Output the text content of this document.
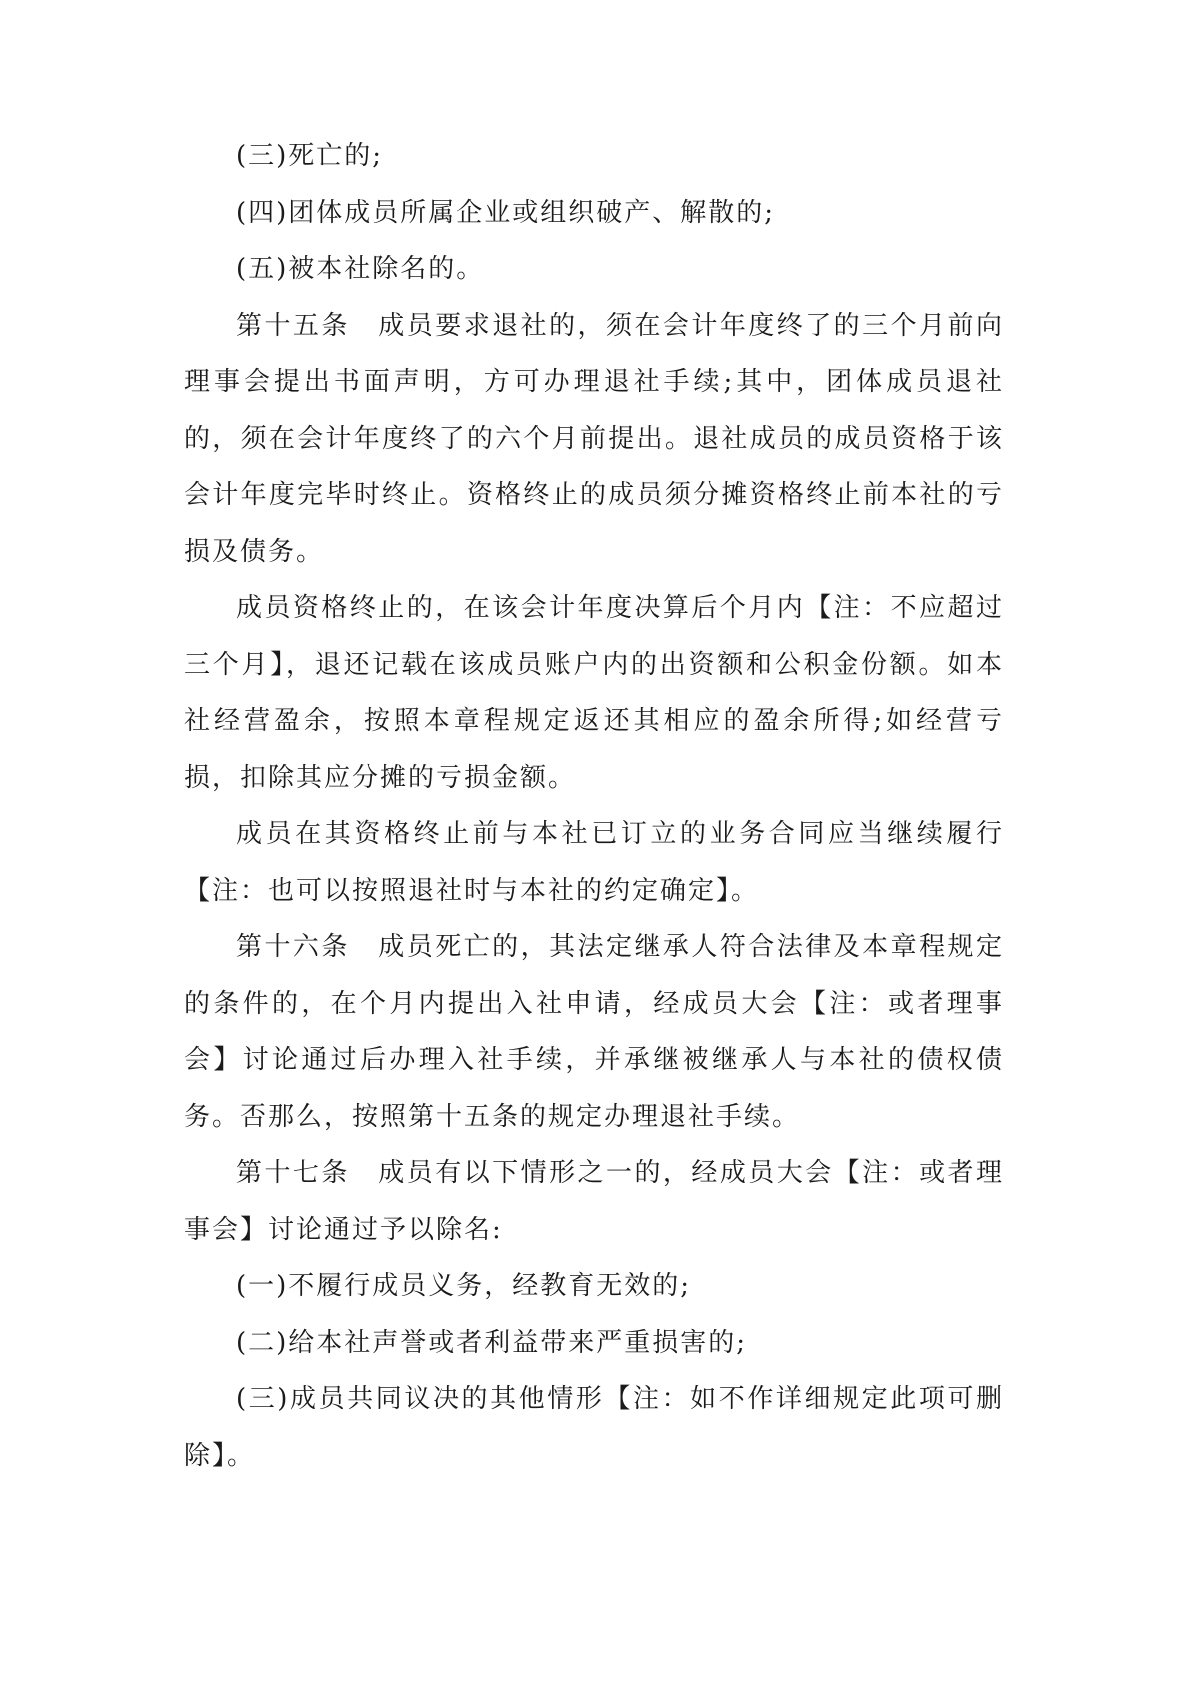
(三)死亡的;

(四)团体成员所属企业或组织破产、解散的;

(五)被本社除名的。

第十五条　成员要求退社的，须在会计年度终了的三个月前向理事会提出书面声明，方可办理退社手续;其中，团体成员退社的，须在会计年度终了的六个月前提出。退社成员的成员资格于该会计年度完毕时终止。资格终止的成员须分摊资格终止前本社的亏损及债务。

成员资格终止的，在该会计年度决算后个月内【注：不应超过三个月】，退还记载在该成员账户内的出资额和公积金份额。如本社经营盈余，按照本章程规定返还其相应的盈余所得;如经营亏损，扣除其应分摊的亏损金额。

成员在其资格终止前与本社已订立的业务合同应当继续履行【注：也可以按照退社时与本社的约定确定】。

第十六条　成员死亡的，其法定继承人符合法律及本章程规定的条件的，在个月内提出入社申请，经成员大会【注：或者理事会】讨论通过后办理入社手续，并承继被继承人与本社的债权债务。否那么，按照第十五条的规定办理退社手续。

第十七条　成员有以下情形之一的，经成员大会【注：或者理事会】讨论通过予以除名:

(一)不履行成员义务，经教育无效的;

(二)给本社声誉或者利益带来严重损害的;

(三)成员共同议决的其他情形【注：如不作详细规定此项可删除】。
